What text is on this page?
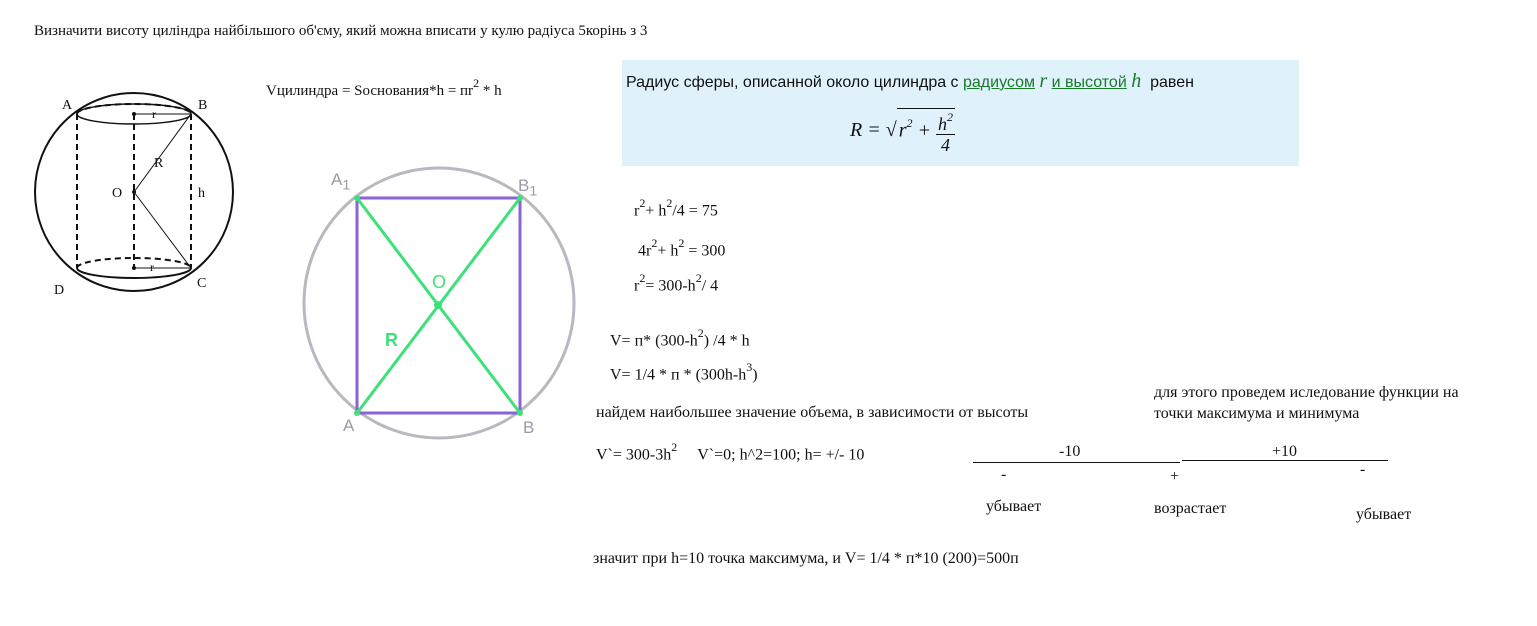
Визначити висоту циліндра найбільшого об'єму, який можна вписати у кулю радіуса 5корінь з 3
A	B
C
D
O
R
h
r
r
Vцилиндра = Sоснования*h = $пr^2$ * h	Радиус сферы, описанной около цилиндра с радиусом r и высотой h равен
R = √ $r^2 + \frac{h^2}{4}$
$A_1$	$B_1$
A	B
O
R
$r^2+ h^2/4 = 75$
$4r^2+ h^2 = 300$
$r^2= 300-h^2/$ 4
V= п* $(300-h^2)$ /4 * h
$V= 1/4 * п * (300h-h^3)$
найдем наибольшее значение объема, в зависимости от высоты
для этого проведем иследование функции на
точки максимума и минимума
V`= $300-3h^2$ V`=0; h^2=100; h= +/- 10	-10	+10
-	+	-
убывает	возрастает	убывает
значит при h=10 точка максимума, и V= 1/4 * п*10 (200)=500п
